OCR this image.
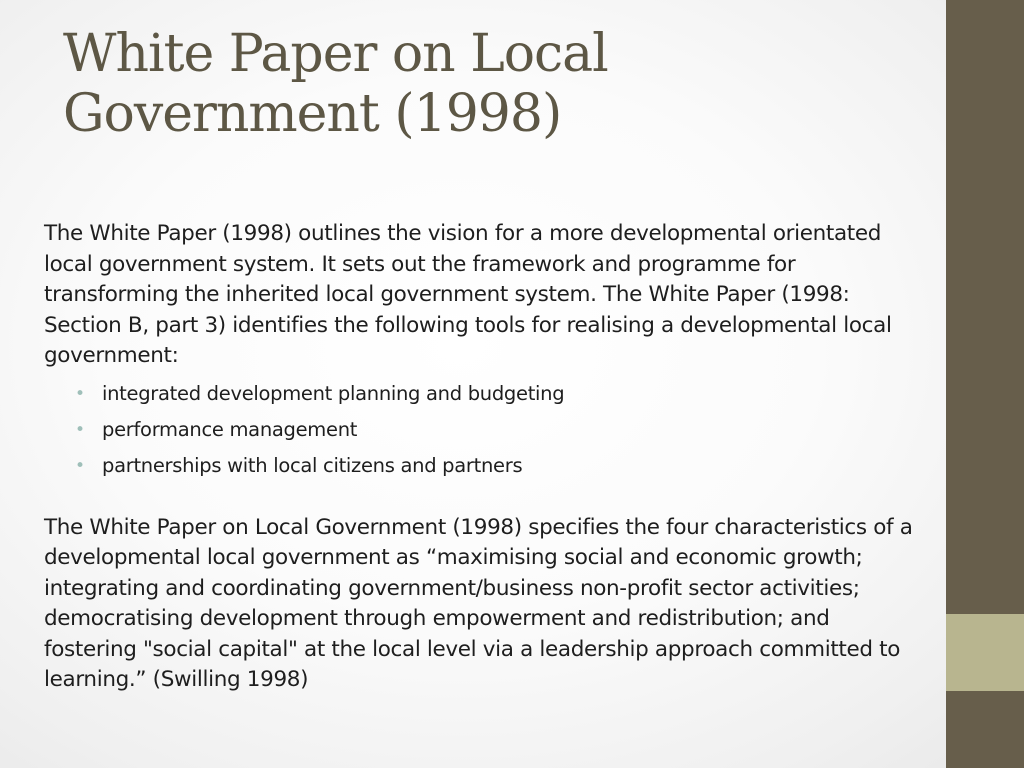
White Paper on Local
Government (1998)

The White Paper (1998) outlines the vision for a more developmental orientated local government system. It sets out the framework and programme for transforming the inherited local government system. The White Paper (1998: Section B, part 3) identifies the following tools for realising a developmental local government:

• integrated development planning and budgeting
• performance management
• partnerships with local citizens and partners

The White Paper on Local Government (1998) specifies the four characteristics of a developmental local government as “maximising social and economic growth; integrating and coordinating government/business non-profit sector activities; democratising development through empowerment and redistribution; and fostering "social capital" at the local level via a leadership approach committed to learning.” (Swilling 1998)
